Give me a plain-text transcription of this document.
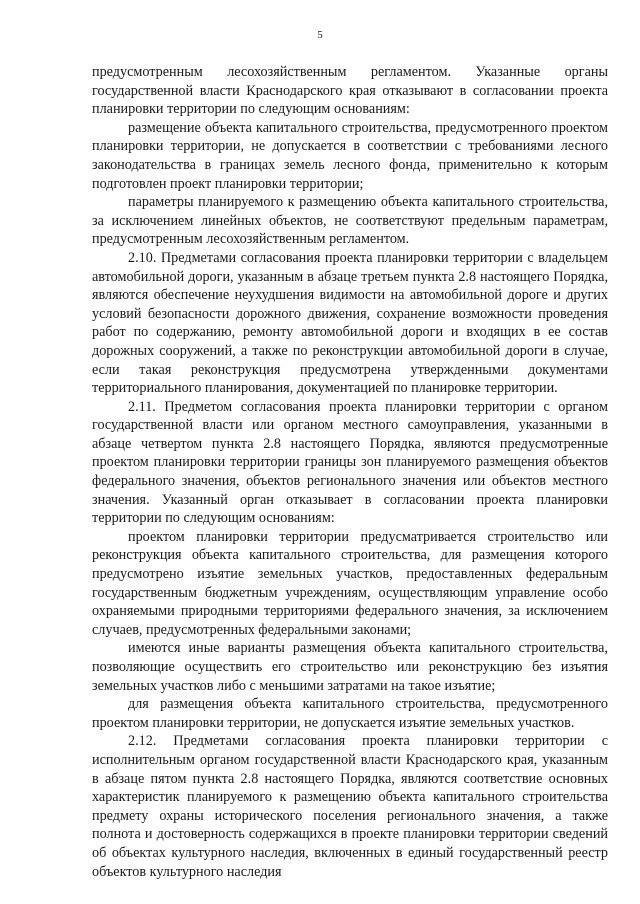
5

предусмотренным лесохозяйственным регламентом. Указанные органы государственной власти Краснодарского края отказывают в согласовании проекта планировки территории по следующим основаниям:

размещение объекта капитального строительства, предусмотренного проектом планировки территории, не допускается в соответствии с требованиями лесного законодательства в границах земель лесного фонда, применительно к которым подготовлен проект планировки территории;

параметры планируемого к размещению объекта капитального строительства, за исключением линейных объектов, не соответствуют предельным параметрам, предусмотренным лесохозяйственным регламентом.

2.10. Предметами согласования проекта планировки территории с владельцем автомобильной дороги, указанным в абзаце третьем пункта 2.8 настоящего Порядка, являются обеспечение неухудшения видимости на автомобильной дороге и других условий безопасности дорожного движения, сохранение возможности проведения работ по содержанию, ремонту автомобильной дороги и входящих в ее состав дорожных сооружений, а также по реконструкции автомобильной дороги в случае, если такая реконструкция предусмотрена утвержденными документами территориального планирования, документацией по планировке территории.

2.11. Предметом согласования проекта планировки территории с органом государственной власти или органом местного самоуправления, указанными в абзаце четвертом пункта 2.8 настоящего Порядка, являются предусмотренные проектом планировки территории границы зон планируемого размещения объектов федерального значения, объектов регионального значения или объектов местного значения. Указанный орган отказывает в согласовании проекта планировки территории по следующим основаниям:

проектом планировки территории предусматривается строительство или реконструкция объекта капитального строительства, для размещения которого предусмотрено изъятие земельных участков, предоставленных федеральным государственным бюджетным учреждениям, осуществляющим управление особо охраняемыми природными территориями федерального значения, за исключением случаев, предусмотренных федеральными законами;

имеются иные варианты размещения объекта капитального строительства, позволяющие осуществить его строительство или реконструкцию без изъятия земельных участков либо с меньшими затратами на такое изъятие;

для размещения объекта капитального строительства, предусмотренного проектом планировки территории, не допускается изъятие земельных участков.

2.12. Предметами согласования проекта планировки территории с исполнительным органом государственной власти Краснодарского края, указанным в абзаце пятом пункта 2.8 настоящего Порядка, являются соответствие основных характеристик планируемого к размещению объекта капитального строительства предмету охраны исторического поселения регионального значения, а также полнота и достоверность содержащихся в проекте планировки территории сведений об объектах культурного наследия, включенных в единый государственный реестр объектов культурного наследия
